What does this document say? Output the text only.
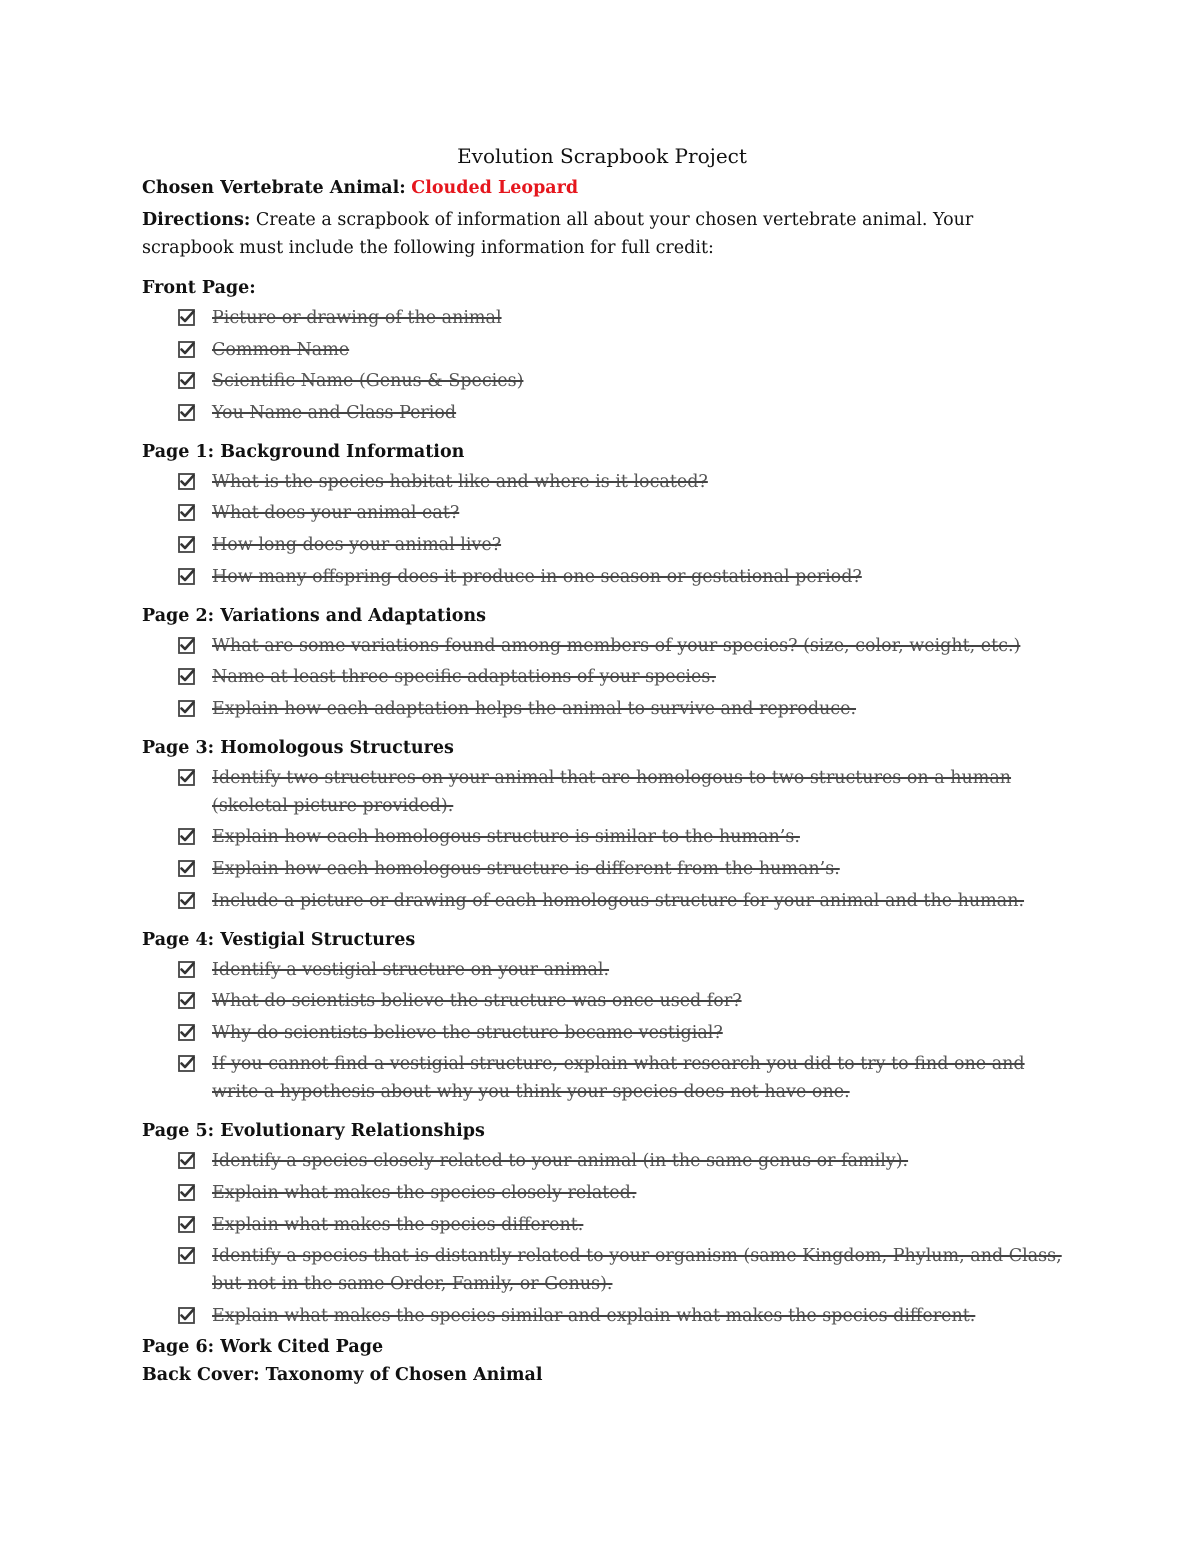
Evolution Scrapbook Project

Chosen Vertebrate Animal: Clouded Leopard

Directions: Create a scrapbook of information all about your chosen vertebrate animal. Your scrapbook must include the following information for full credit:

Front Page:
Picture or drawing of the animal
Common Name
Scientific Name (Genus & Species)
You Name and Class Period
Page 1: Background Information
What is the species habitat like and where is it located?
What does your animal eat?
How long does your animal live?
How many offspring does it produce in one season or gestational period?
Page 2: Variations and Adaptations
What are some variations found among members of your species? (size, color, weight, etc.)
Name at least three specific adaptations of your species.
Explain how each adaptation helps the animal to survive and reproduce.
Page 3: Homologous Structures
Identify two structures on your animal that are homologous to two structures on a human (skeletal picture provided).
Explain how each homologous structure is similar to the human’s.
Explain how each homologous structure is different from the human’s.
Include a picture or drawing of each homologous structure for your animal and the human.
Page 4: Vestigial Structures
Identify a vestigial structure on your animal.
What do scientists believe the structure was once used for?
Why do scientists believe the structure became vestigial?
If you cannot find a vestigial structure, explain what research you did to try to find one and write a hypothesis about why you think your species does not have one.
Page 5: Evolutionary Relationships
Identify a species closely related to your animal (in the same genus or family).
Explain what makes the species closely related.
Explain what makes the species different.
Identify a species that is distantly related to your organism (same Kingdom, Phylum, and Class, but not in the same Order, Family, or Genus).
Explain what makes the species similar and explain what makes the species different.
Page 6: Work Cited Page
Back Cover: Taxonomy of Chosen Animal
